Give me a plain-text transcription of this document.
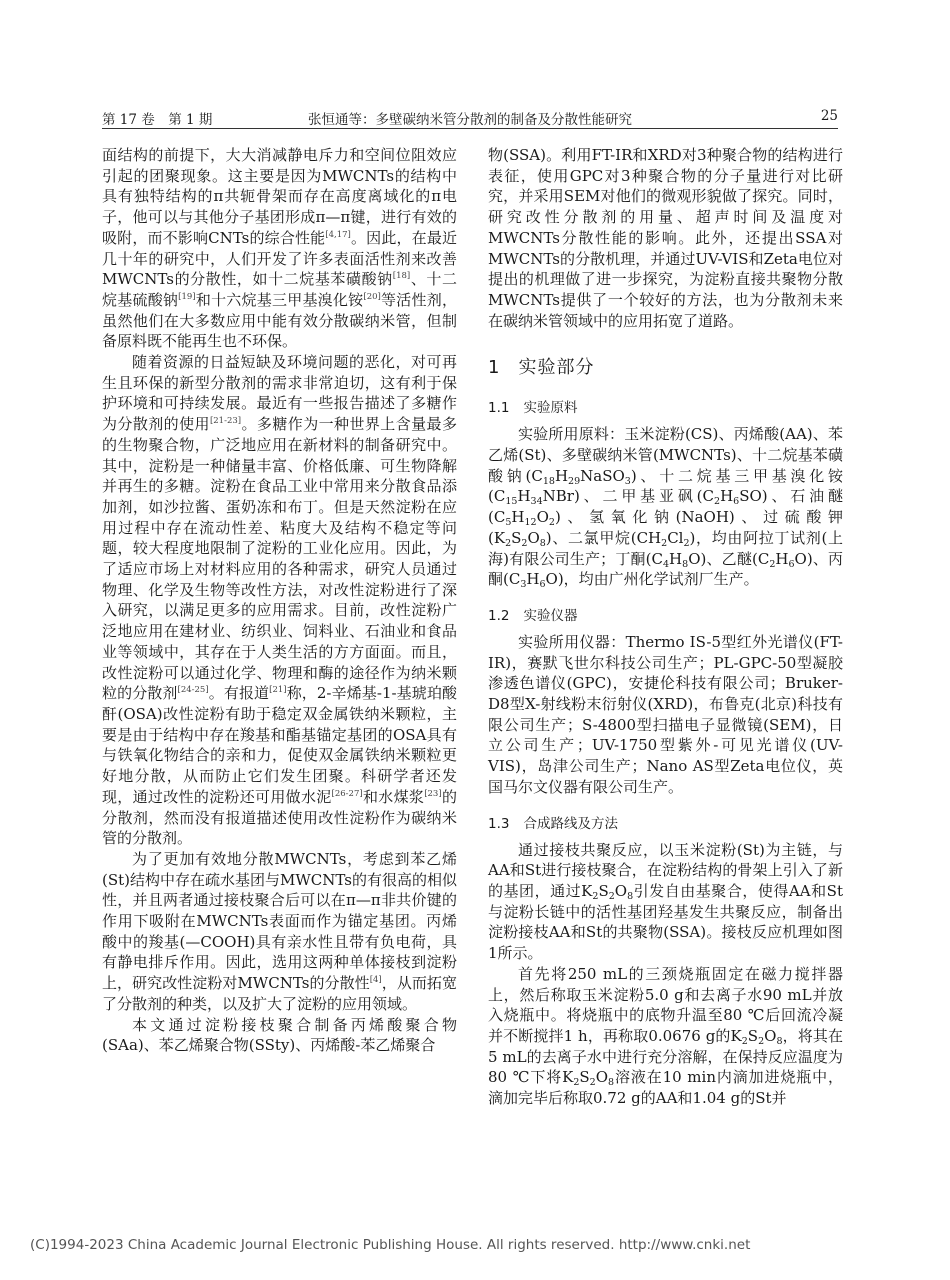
第 17 卷　第 1 期	张恒通等：多壁碳纳米管分散剂的制备及分散性能研究	25

面结构的前提下，大大消减静电斥力和空间位阻效应引起的团聚现象。这主要是因为MWCNTs的结构中具有独特结构的π共轭骨架而存在高度离域化的π电子，他可以与其他分子基团形成π—π键，进行有效的吸附，而不影响CNTs的综合性能[4,17]。因此，在最近几十年的研究中，人们开发了许多表面活性剂来改善MWCNTs的分散性，如十二烷基苯磺酸钠[18]、十二烷基硫酸钠[19]和十六烷基三甲基溴化铵[20]等活性剂，虽然他们在大多数应用中能有效分散碳纳米管，但制备原料既不能再生也不环保。

随着资源的日益短缺及环境问题的恶化，对可再生且环保的新型分散剂的需求非常迫切，这有利于保护环境和可持续发展。最近有一些报告描述了多糖作为分散剂的使用[21-23]。多糖作为一种世界上含量最多的生物聚合物，广泛地应用在新材料的制备研究中。其中，淀粉是一种储量丰富、价格低廉、可生物降解并再生的多糖。淀粉在食品工业中常用来分散食品添加剂，如沙拉酱、蛋奶冻和布丁。但是天然淀粉在应用过程中存在流动性差、粘度大及结构不稳定等问题，较大程度地限制了淀粉的工业化应用。因此，为了适应市场上对材料应用的各种需求，研究人员通过物理、化学及生物等改性方法，对改性淀粉进行了深入研究，以满足更多的应用需求。目前，改性淀粉广泛地应用在建材业、纺织业、饲料业、石油业和食品业等领域中，其存在于人类生活的方方面面。而且，改性淀粉可以通过化学、物理和酶的途径作为纳米颗粒的分散剂[24-25]。有报道[21]称，2-辛烯基-1-基琥珀酸酐(OSA)改性淀粉有助于稳定双金属铁纳米颗粒，主要是由于结构中存在羧基和酯基锚定基团的OSA具有与铁氧化物结合的亲和力，促使双金属铁纳米颗粒更好地分散，从而防止它们发生团聚。科研学者还发现，通过改性的淀粉还可用做水泥[26-27]和水煤浆[23]的分散剂，然而没有报道描述使用改性淀粉作为碳纳米管的分散剂。

为了更加有效地分散MWCNTs，考虑到苯乙烯(St)结构中存在疏水基团与MWCNTs的有很高的相似性，并且两者通过接枝聚合后可以在π—π非共价键的作用下吸附在MWCNTs表面而作为锚定基团。丙烯酸中的羧基(—COOH)具有亲水性且带有负电荷，具有静电排斥作用。因此，选用这两种单体接枝到淀粉上，研究改性淀粉对MWCNTs的分散性[4]，从而拓宽了分散剂的种类，以及扩大了淀粉的应用领域。

本文通过淀粉接枝聚合制备丙烯酸聚合物(SAa)、苯乙烯聚合物(SSty)、丙烯酸-苯乙烯聚合

物(SSA)。利用FT-IR和XRD对3种聚合物的结构进行表征，使用GPC对3种聚合物的分子量进行对比研究，并采用SEM对他们的微观形貌做了探究。同时，研究改性分散剂的用量、超声时间及温度对MWCNTs分散性能的影响。此外，还提出SSA对MWCNTs的分散机理，并通过UV-VIS和Zeta电位对提出的机理做了进一步探究，为淀粉直接共聚物分散MWCNTs提供了一个较好的方法，也为分散剂未来在碳纳米管领域中的应用拓宽了道路。

1 实验部分
1.1 实验原料

实验所用原料：玉米淀粉(CS)、丙烯酸(AA)、苯乙烯(St)、多壁碳纳米管(MWCNTs)、十二烷基苯磺酸钠$(C_{18}H_{29}NaSO_3)$、十二烷基三甲基溴化铵$(C_{15}H_{34}NBr)$、二甲基亚砜$(C_2H_6SO)$、石油醚$(C_5H_{12}O_2)$、氢氧化钠(NaOH)、过硫酸钾$(K_2S_2O_8)$、二氯甲烷$(CH_2Cl_2)$，均由阿拉丁试剂(上海)有限公司生产；丁酮$(C_4H_8O)$、乙醚$(C_2H_6O)$、丙酮$(C_3H_6O)$，均由广州化学试剂厂生产。

1.2 实验仪器

实验所用仪器：Thermo IS-5型红外光谱仪(FT-IR)，赛默飞世尔科技公司生产；PL-GPC-50型凝胶渗透色谱仪(GPC)，安捷伦科技有限公司；Bruker-D8型X-射线粉末衍射仪(XRD)，布鲁克(北京)科技有限公司生产；S-4800型扫描电子显微镜(SEM)，日立公司生产；UV-1750型紫外-可见光谱仪(UV-VIS)，岛津公司生产；Nano AS型Zeta电位仪，英国马尔文仪器有限公司生产。

1.3 合成路线及方法

通过接枝共聚反应，以玉米淀粉(St)为主链，与AA和St进行接枝聚合，在淀粉结构的骨架上引入了新的基团，通过$K_2S_2O_8$引发自由基聚合，使得AA和St与淀粉长链中的活性基团羟基发生共聚反应，制备出淀粉接枝AA和St的共聚物(SSA)。接枝反应机理如图1所示。

首先将250 mL的三颈烧瓶固定在磁力搅拌器上，然后称取玉米淀粉5.0 g和去离子水90 mL并放入烧瓶中。将烧瓶中的底物升温至80 ℃后回流冷凝并不断搅拌1 h，再称取0.0676 g的$K_2S_2O_8$，将其在5 mL的去离子水中进行充分溶解，在保持反应温度为80 ℃下将$K_2S_2O_8$溶液在10 min内滴加进烧瓶中，滴加完毕后称取0.72 g的AA和1.04 g的St并

(C)1994-2023 China Academic Journal Electronic Publishing House. All rights reserved. http://www.cnki.net
